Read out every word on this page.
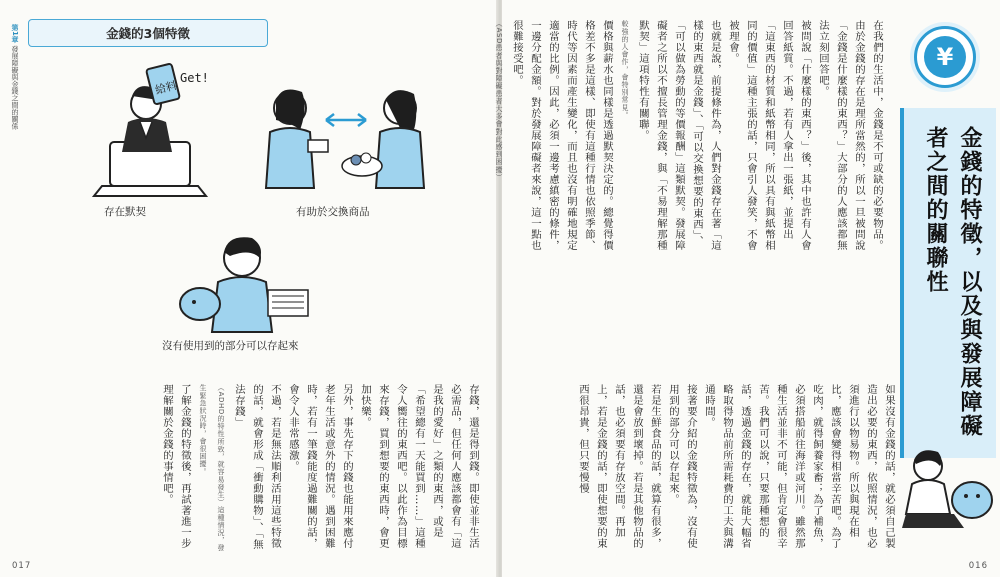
第1章 發展障礙與金錢之間的關係
金錢的3個特徵
給料
Get!
存在默契	有助於交換商品
沒有使用到的部分可以存起來

存錢，還是得到錢。即使並非生活必需品，但任何人應該都會有「這是我的愛好」之類的東西，或是「希望總有一天能買到……」這種令人嚮往的東西吧。以此作為目標來存錢，買到想要的東西時，會更加快樂。

另外，事先存下的錢也能用來應付老年生活或意外的情況。遇到困難時，若有一筆錢能度過難關的話，會令人非常感激。

不過，若是無法順利活用這些特徵的話，就會形成「衝動購物」、「無法存錢」

（ADHD的特性所致，就容易發生）這種情況，發生緊急狀況時，會很困擾。

了解金錢的特徵後，再試著進一步理解關於金錢的事情吧。

017

在我們的生活中，金錢是不可或缺的必要物品。由於金錢的存在是理所當然的，所以一旦被問說「金錢是什麼樣的東西？」大部分的人應該都無法立刻回答吧。

被問說「什麼樣的東西？」後，其中也許有人會回答紙質。不過，若有人拿出一張紙，並提出「這東西的材質和紙幣相同，所以具有與紙幣相同的價值」這種主張的話，只會引人發笑，不會被理會。

也就是說，前提條件為，人們對金錢存在著「這樣的東西就是金錢」、「可以交換想要的東西」、「可以做為勞動的等價報酬」這類默契。發展障礙者之所以不擅長管理金錢，與「不易理解那種默契」這項特性有關聯。

較強的人會作，會特別常見。

價格與薪水也同樣是透過默契決定的。總覺得價格差不多是這樣、即使有這種行情也依照季節、時代等因素而產生變化，而且也沒有明確地規定適當的比例。因此，必須一邊考慮縝密的條件，一邊分配金額。對於發展障礙者來說，這一點也很難接受吧。

（ASD患者與對障礙患者大多會對此感到困擾）

如果沒有金錢的話，就必須自己製造出必要的東西，依照情況，也必須進行以物易物。所以與現在相比，應該會變得相當辛苦吧。為了吃肉，就得飼養家畜；為了補魚，必須搭船前往海洋或河川。雖然那種生活並非不可能，但肯定會很辛苦。我們可以說，只要那種想的話，透過金錢的存在，就能大幅省略取得物品前所需耗費的工夫與溝通時間。

接著要介紹的金錢特徵為，沒有使用到的部分可以存起來。

若是生鮮食品的話，就算有很多，還是會放到壞掉。若是其他物品的話，也必須要有存放空間。再加上，若是金錢的話，即使想要的東西很昂貴，但只要慢慢

¥
金錢的特徵，以及與發展障礙者之間的關聯性
016
